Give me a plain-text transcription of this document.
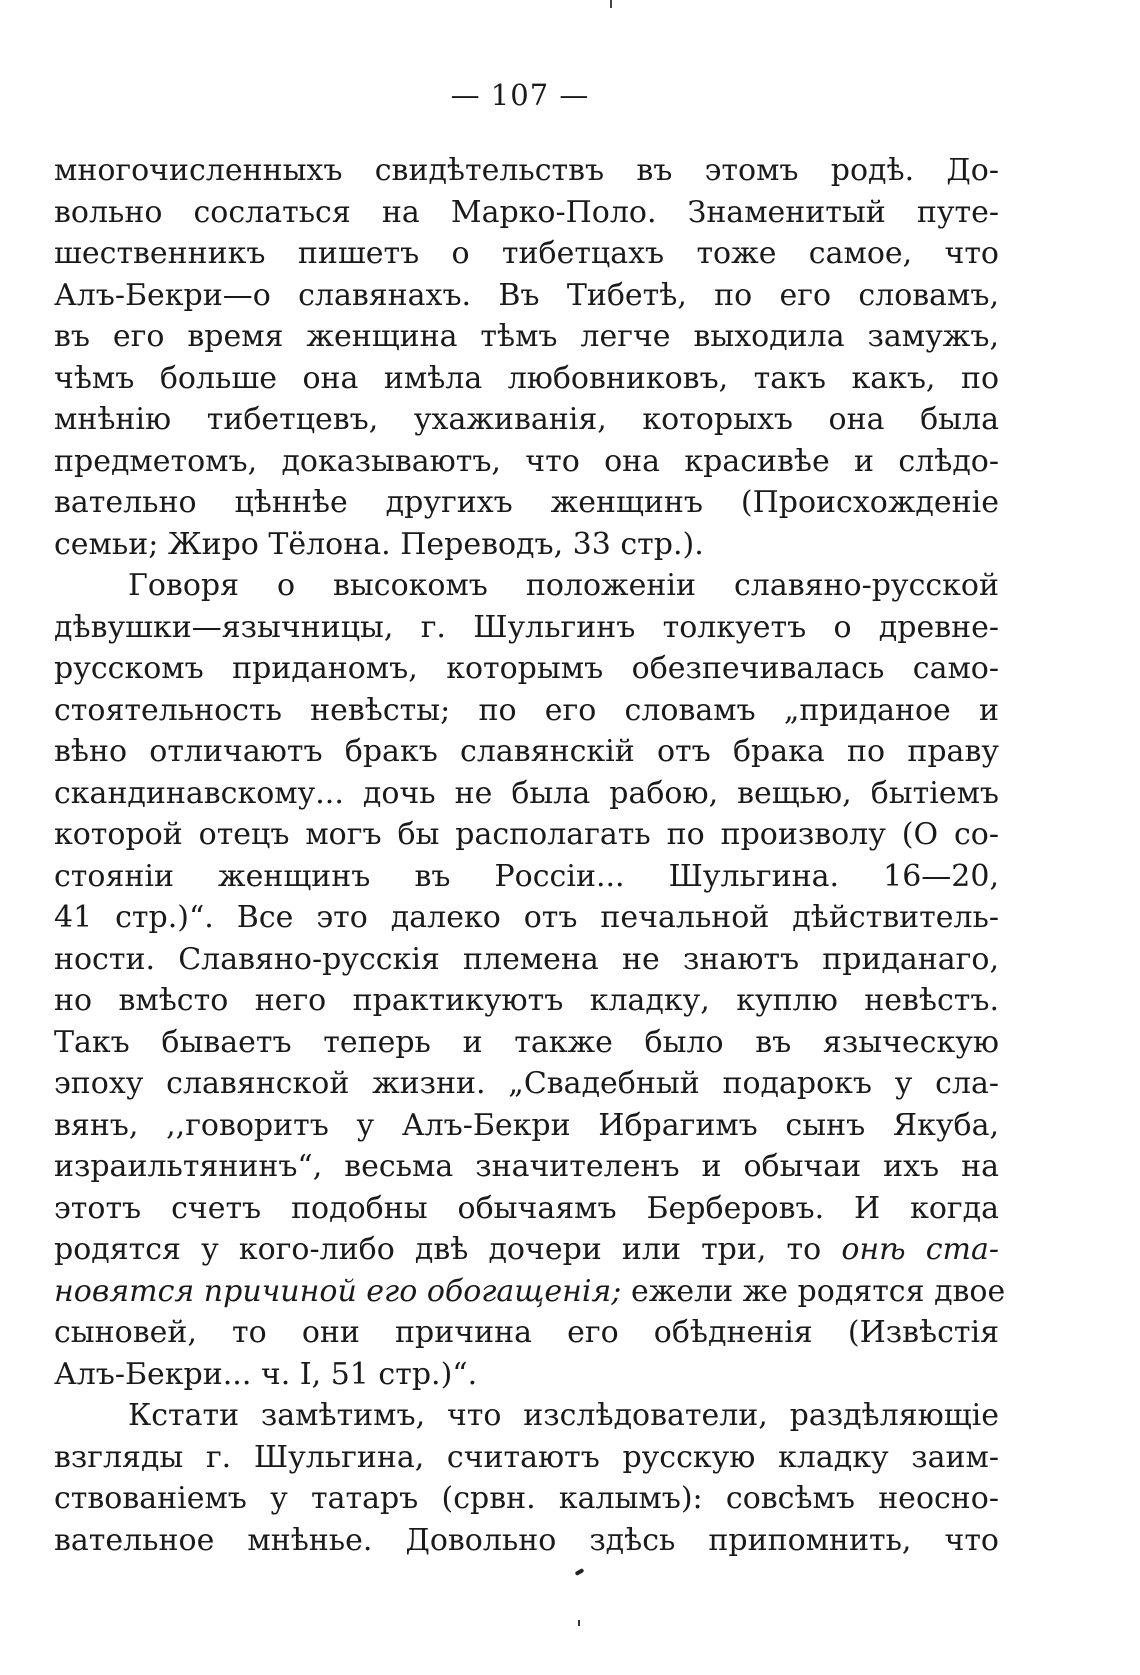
— 107 —
многочисленныхъ свидѣтельствъ въ этомъ родѣ. До-
вольно сослаться на Марко-Поло. Знаменитый путе-
шественникъ пишетъ о тибетцахъ тоже самое, что
Алъ-Бекри—о славянахъ. Въ Тибетѣ, по его словамъ,
въ его время женщина тѣмъ легче выходила замужъ,
чѣмъ больше она имѣла любовниковъ, такъ какъ, по
мнѣнію тибетцевъ, ухаживанія, которыхъ она была
предметомъ, доказываютъ, что она красивѣе и слѣдо-
вательно цѣннѣе другихъ женщинъ (Происхожденіе
семьи; Жиро Тёлона. Переводъ, 33 стр.).
Говоря о высокомъ положеніи славяно-русской
дѣвушки—язычницы, г. Шульгинъ толкуетъ о древне-
русскомъ приданомъ, которымъ обезпечивалась само-
стоятельность невѣсты; по его словамъ „приданое и
вѣно отличаютъ бракъ славянскій отъ брака по праву
скандинавскому... дочь не была рабою, вещью, бытіемъ
которой отецъ могъ бы располагать по произволу (О со-
стояніи женщинъ въ Россіи... Шульгина. 16—20,
41 стр.)“. Все это далеко отъ печальной дѣйствитель-
ности. Славяно-русскія племена не знаютъ приданаго,
но вмѣсто него практикуютъ кладку, куплю невѣстъ.
Такъ бываетъ теперь и также было въ языческую
эпоху славянской жизни. „Свадебный подарокъ у сла-
вянъ, ,,говоритъ у Алъ-Бекри Ибрагимъ сынъ Якуба,
израильтянинъ“, весьма значителенъ и обычаи ихъ на
этотъ счетъ подобны обычаямъ Берберовъ. И когда
родятся у кого-либо двѣ дочери или три, то онѣ ста-
новятся причиной его обогащенія; ежели же родятся двое
сыновей, то они причина его обѣдненія (Извѣстія
Алъ-Бекри... ч. I, 51 стр.)“.
Кстати замѣтимъ, что изслѣдователи, раздѣляющіе
взгляды г. Шульгина, считаютъ русскую кладку заим-
ствованіемъ у татаръ (срвн. калымъ): совсѣмъ неосно-
вательное мнѣнье. Довольно здѣсь припомнить, что
